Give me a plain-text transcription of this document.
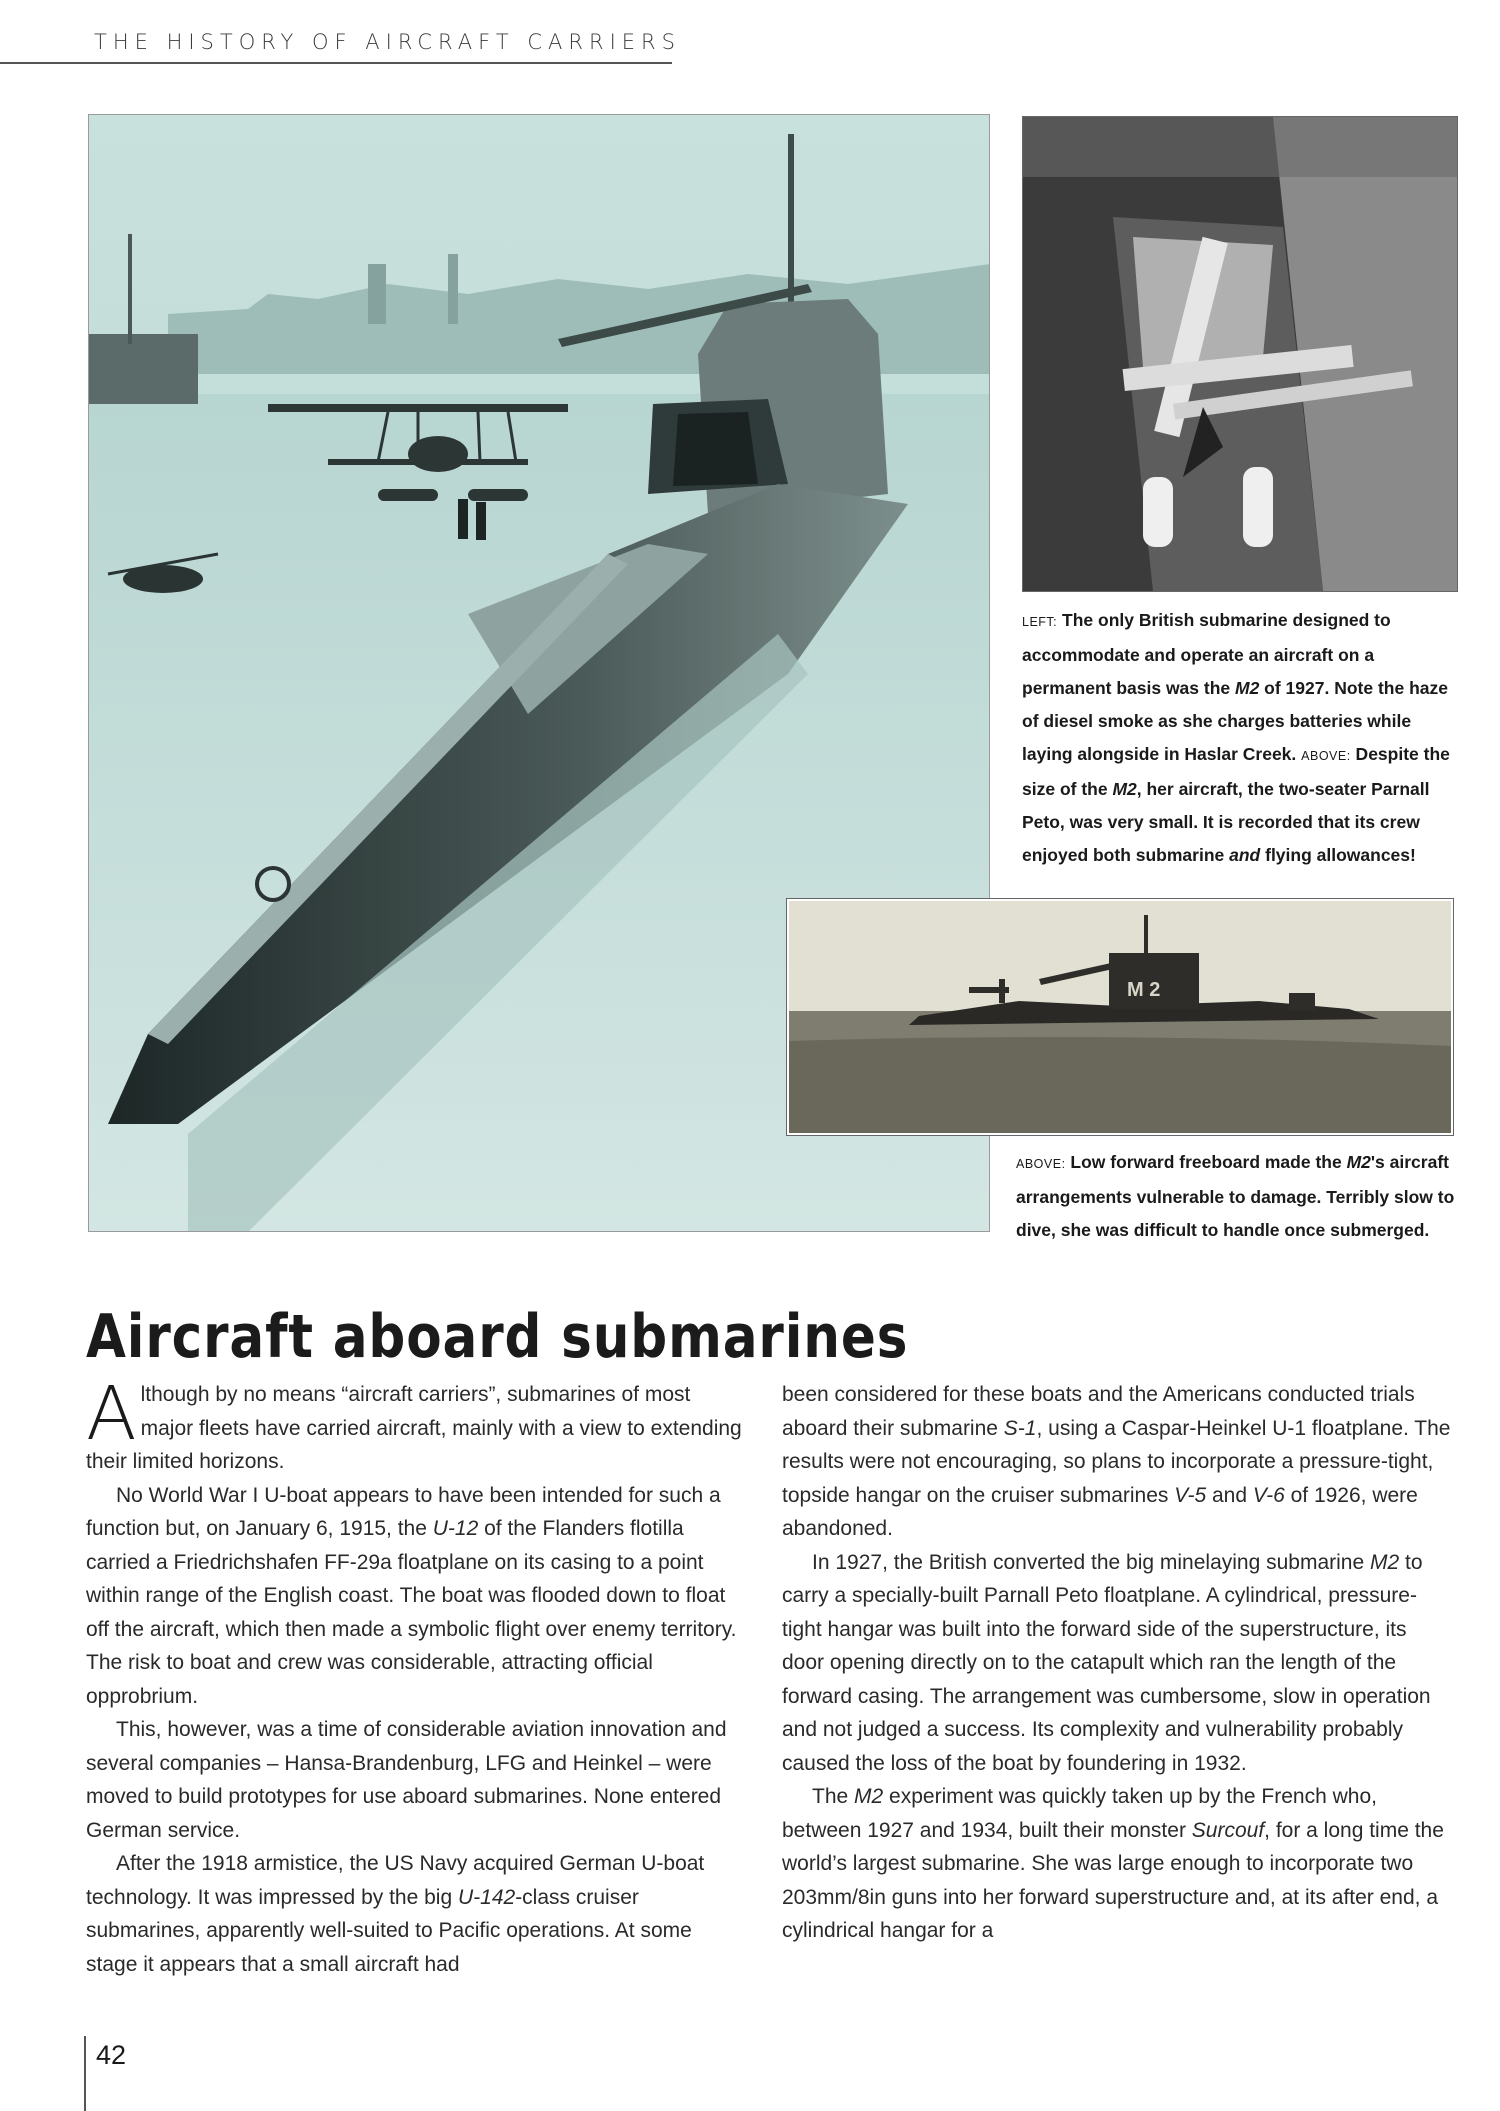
THE HISTORY OF AIRCRAFT CARRIERS
LEFT: The only British submarine designed to accommodate and operate an aircraft on a permanent basis was the M2 of 1927. Note the haze of diesel smoke as she charges batteries while laying alongside in Haslar Creek. ABOVE: Despite the size of the M2, her aircraft, the two-seater Parnall Peto, was very small. It is recorded that its crew enjoyed both submarine and flying allowances!
M 2
ABOVE: Low forward freeboard made the M2's aircraft arrangements vulnerable to damage. Terribly slow to dive, she was difficult to handle once submerged.
Aircraft aboard submarines

Although by no means “aircraft carriers”, submarines of most major fleets have carried aircraft, mainly with a view to extending their limited horizons.

No World War I U-boat appears to have been intended for such a function but, on January 6, 1915, the U-12 of the Flanders flotilla carried a Friedrichshafen FF-29a floatplane on its casing to a point within range of the English coast. The boat was flooded down to float off the aircraft, which then made a symbolic flight over enemy territory. The risk to boat and crew was considerable, attracting official opprobrium.

This, however, was a time of considerable aviation innovation and several companies – Hansa-Brandenburg, LFG and Heinkel – were moved to build prototypes for use aboard submarines. None entered German service.

After the 1918 armistice, the US Navy acquired German U-boat technology. It was impressed by the big U-142-class cruiser submarines, apparently well-suited to Pacific operations. At some stage it appears that a small aircraft had

been considered for these boats and the Americans conducted trials aboard their submarine S-1, using a Caspar-Heinkel U-1 floatplane. The results were not encouraging, so plans to incorporate a pressure-tight, topside hangar on the cruiser submarines V-5 and V-6 of 1926, were abandoned.

In 1927, the British converted the big minelaying submarine M2 to carry a specially-built Parnall Peto floatplane. A cylindrical, pressure-tight hangar was built into the forward side of the superstructure, its door opening directly on to the catapult which ran the length of the forward casing. The arrangement was cumbersome, slow in operation and not judged a success. Its complexity and vulnerability probably caused the loss of the boat by foundering in 1932.

The M2 experiment was quickly taken up by the French who, between 1927 and 1934, built their monster Surcouf, for a long time the world’s largest submarine. She was large enough to incorporate two 203mm/8in guns into her forward superstructure and, at its after end, a cylindrical hangar for a

42
